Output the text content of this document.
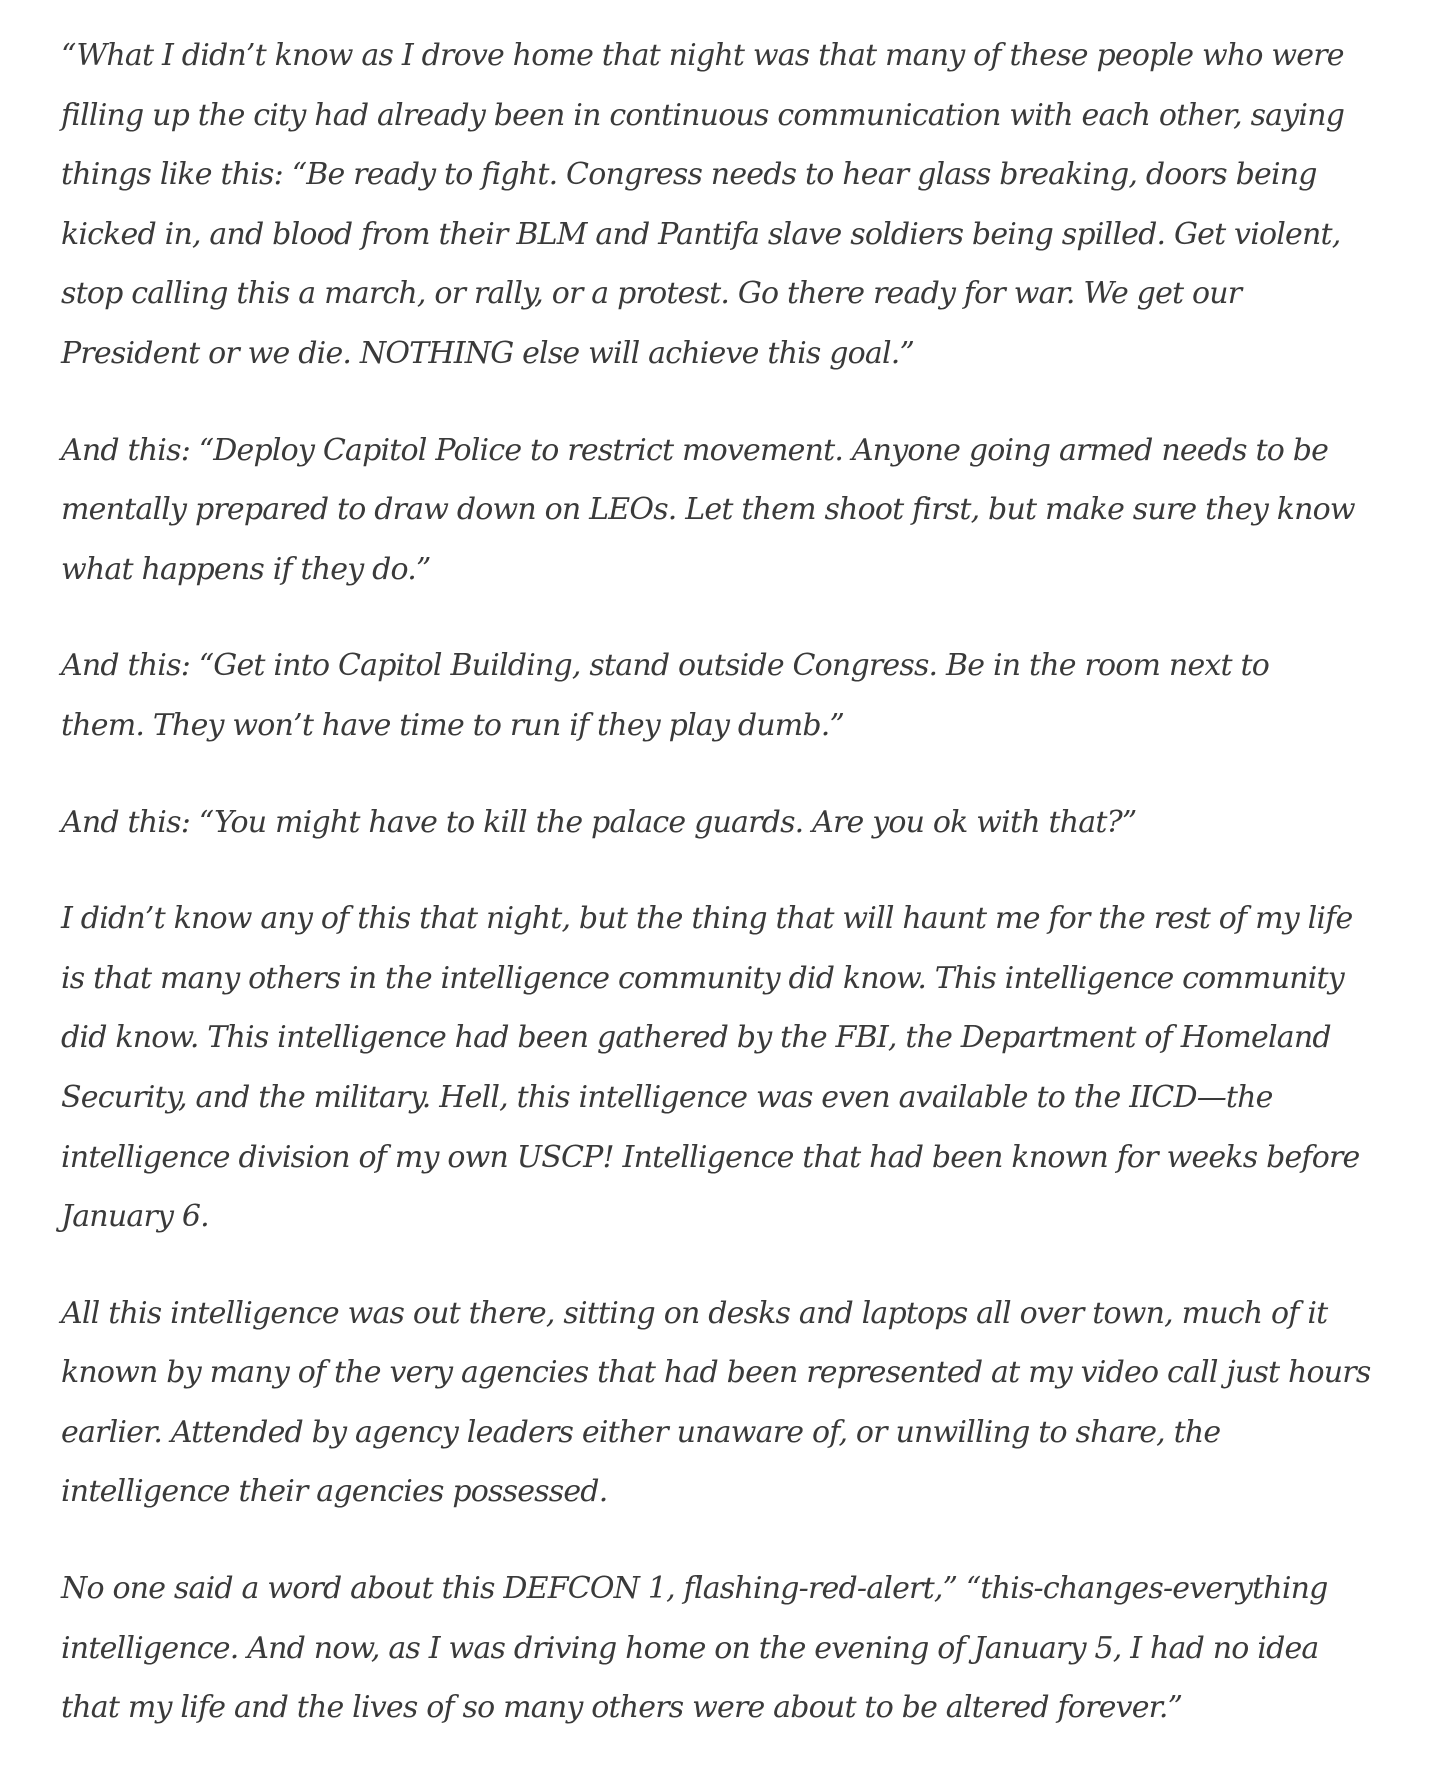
“What I didn’t know as I drove home that night was that many of these people who were
filling up the city had already been in continuous communication with each other, saying
things like this: “Be ready to fight. Congress needs to hear glass breaking, doors being
kicked in, and blood from their BLM and Pantifa slave soldiers being spilled. Get violent,
stop calling this a march, or rally, or a protest. Go there ready for war. We get our
President or we die. NOTHING else will achieve this goal.”

And this: “Deploy Capitol Police to restrict movement. Anyone going armed needs to be
mentally prepared to draw down on LEOs. Let them shoot first, but make sure they know
what happens if they do.”

And this: “Get into Capitol Building, stand outside Congress. Be in the room next to
them. They won’t have time to run if they play dumb.”

And this: “You might have to kill the palace guards. Are you ok with that?”

I didn’t know any of this that night, but the thing that will haunt me for the rest of my life
is that many others in the intelligence community did know. This intelligence community
did know. This intelligence had been gathered by the FBI, the Department of Homeland
Security, and the military. Hell, this intelligence was even available to the IICD—the
intelligence division of my own USCP! Intelligence that had been known for weeks before
January 6.

All this intelligence was out there, sitting on desks and laptops all over town, much of it
known by many of the very agencies that had been represented at my video call just hours
earlier. Attended by agency leaders either unaware of, or unwilling to share, the
intelligence their agencies possessed.

No one said a word about this DEFCON 1, flashing-red-alert,” “this-changes-everything
intelligence. And now, as I was driving home on the evening of January 5, I had no idea
that my life and the lives of so many others were about to be altered forever.”
